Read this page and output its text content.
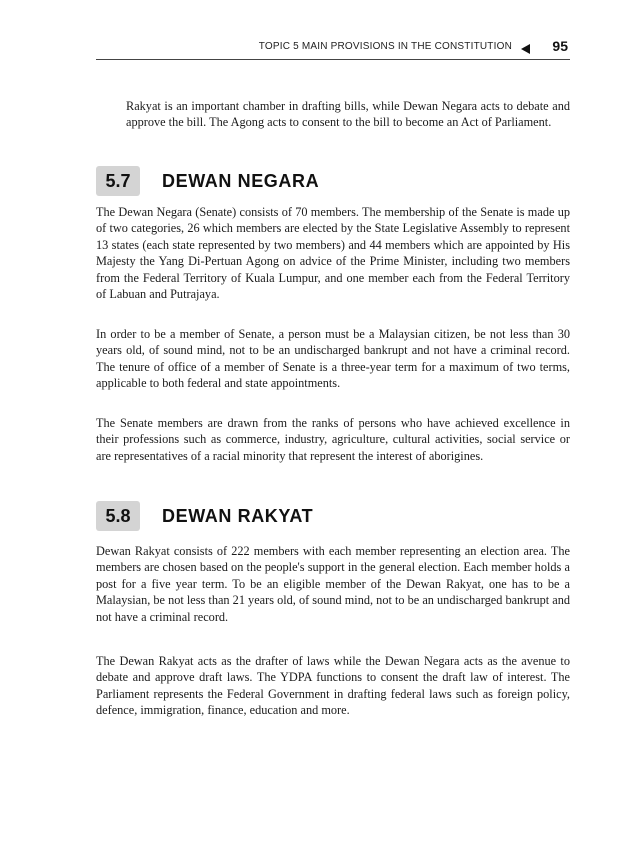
TOPIC 5 MAIN PROVISIONS IN THE CONSTITUTION	95

Rakyat is an important chamber in drafting bills, while Dewan Negara acts to debate and approve the bill. The Agong acts to consent to the bill to become an Act of Parliament.

5.7	DEWAN NEGARA

The Dewan Negara (Senate) consists of 70 members. The membership of the Senate is made up of two categories, 26 which members are elected by the State Legislative Assembly to represent 13 states (each state represented by two members) and 44 members which are appointed by His Majesty the Yang Di-Pertuan Agong on advice of the Prime Minister, including two members from the Federal Territory of Kuala Lumpur, and one member each from the Federal Territory of Labuan and Putrajaya.

In order to be a member of Senate, a person must be a Malaysian citizen, be not less than 30 years old, of sound mind, not to be an undischarged bankrupt and not have a criminal record. The tenure of office of a member of Senate is a three-year term for a maximum of two terms, applicable to both federal and state appointments.

The Senate members are drawn from the ranks of persons who have achieved excellence in their professions such as commerce, industry, agriculture, cultural activities, social service or are representatives of a racial minority that represent the interest of aborigines.

5.8	DEWAN RAKYAT

Dewan Rakyat consists of 222 members with each member representing an election area. The members are chosen based on the people's support in the general election. Each member holds a post for a five year term. To be an eligible member of the Dewan Rakyat, one has to be a Malaysian, be not less than 21 years old, of sound mind, not to be an undischarged bankrupt and not have a criminal record.

The Dewan Rakyat acts as the drafter of laws while the Dewan Negara acts as the avenue to debate and approve draft laws. The YDPA functions to consent the draft law of interest. The Parliament represents the Federal Government in drafting federal laws such as foreign policy, defence, immigration, finance, education and more.
